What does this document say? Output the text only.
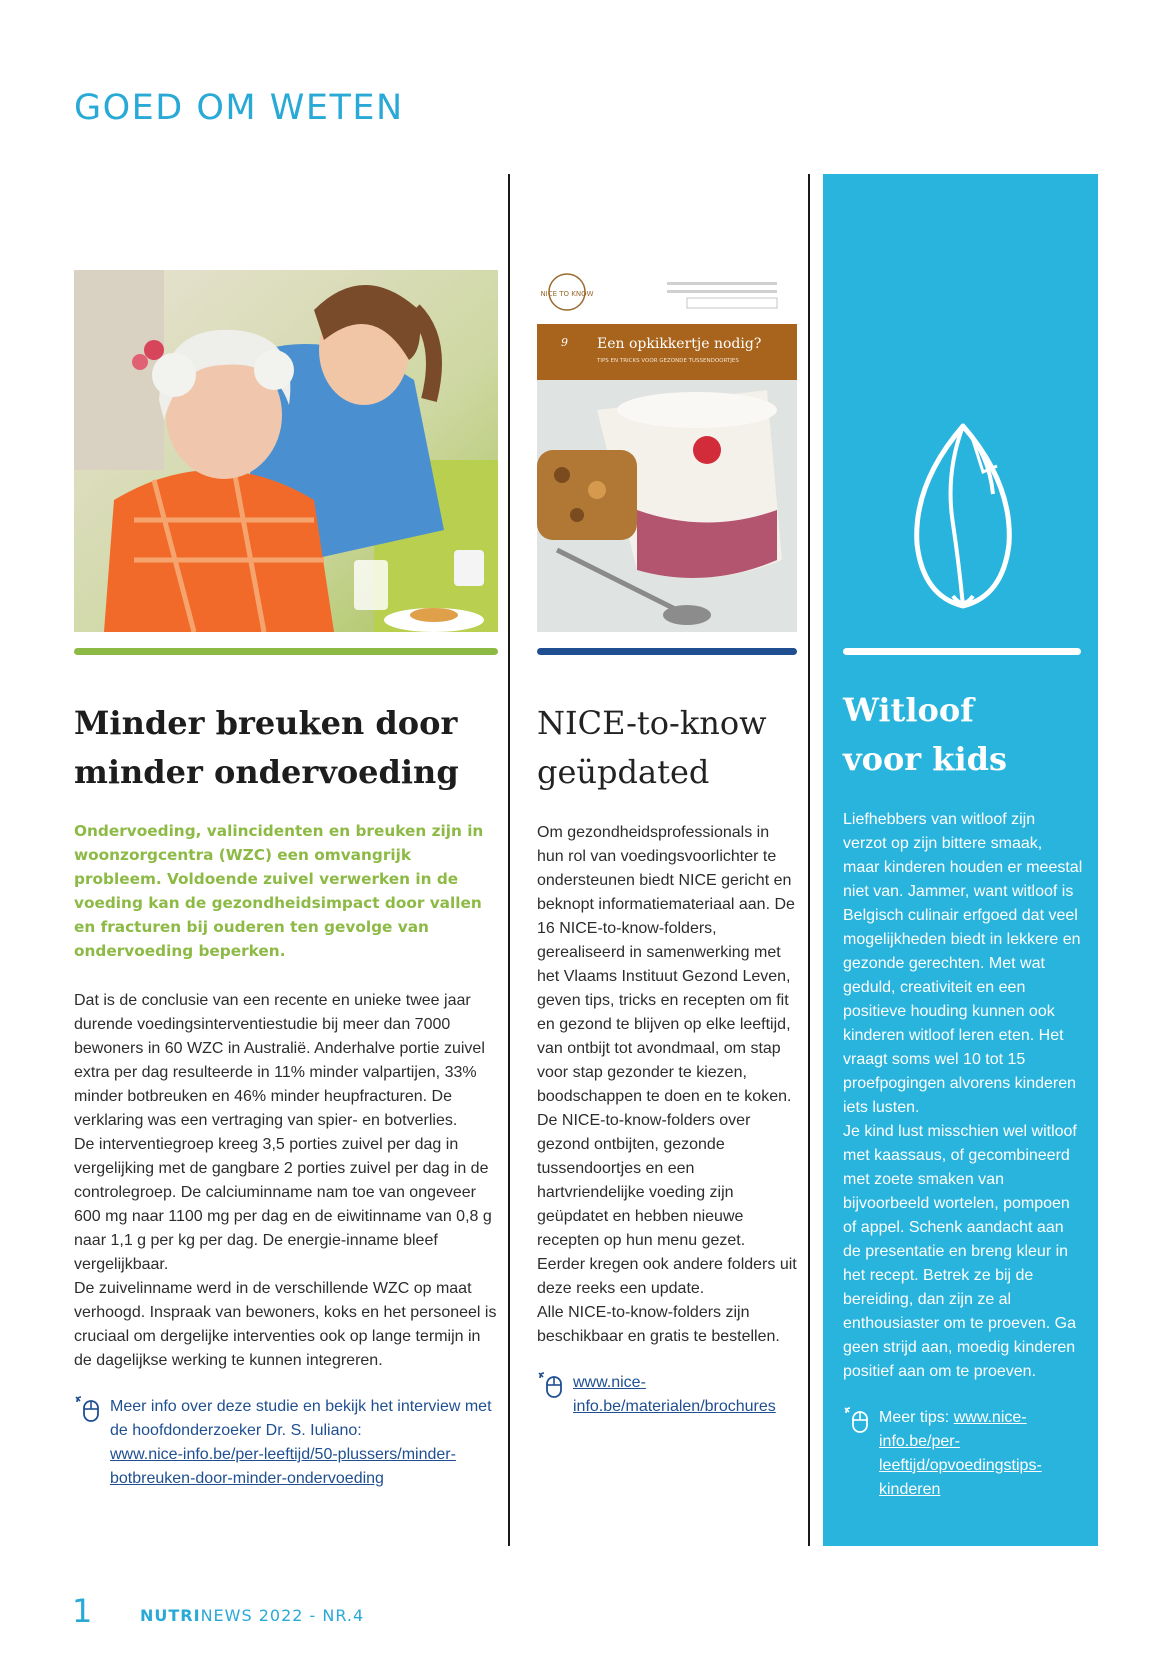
GOED OM WETEN
Minder breuken door minder ondervoeding

Ondervoeding, valincidenten en breuken zijn in woonzorgcentra (WZC) een omvangrijk probleem. Voldoende zuivel verwerken in de voeding kan de gezondheidsimpact door vallen en fracturen bij ouderen ten gevolge van ondervoeding beperken.

Dat is de conclusie van een recente en unieke twee jaar durende voedingsinterventiestudie bij meer dan 7000 bewoners in 60 WZC in Australië. Anderhalve portie zuivel extra per dag resulteerde in 11% minder valpartijen, 33% minder botbreuken en 46% minder heupfracturen. De verklaring was een vertraging van spier- en botverlies.
De interventiegroep kreeg 3,5 porties zuivel per dag in vergelijking met de gangbare 2 porties zuivel per dag in de controlegroep. De calciuminname nam toe van ongeveer 600 mg naar 1100 mg per dag en de eiwitinname van 0,8 g naar 1,1 g per kg per dag. De energie-inname bleef vergelijkbaar.
De zuivelinname werd in de verschillende WZC op maat verhoogd. Inspraak van bewoners, koks en het personeel is cruciaal om dergelijke interventies ook op lange termijn in de dagelijkse werking te kunnen integreren.

Meer info over deze studie en bekijk het interview met de hoofdonderzoeker Dr. S. Iuliano:
www.nice-info.be/per-leeftijd/50-plussers/minder-botbreuken-door-minder-ondervoeding
NICE TO KNOW
9 Een opkikkertje nodig?
TIPS EN TRICKS VOOR GEZONDE TUSSENDOORTJES
NICE-to-know
geüpdated

Om gezondheidsprofessionals in hun rol van voedingsvoorlichter te ondersteunen biedt NICE gericht en beknopt informatiemateriaal aan. De 16 NICE-to-know-folders, gerealiseerd in samenwerking met het Vlaams Instituut Gezond Leven, geven tips, tricks en recepten om fit en gezond te blijven op elke leeftijd, van ontbijt tot avondmaal, om stap voor stap gezonder te kiezen, boodschappen te doen en te koken.
De NICE-to-know-folders over gezond ontbijten, gezonde tussendoortjes en een hartvriendelijke voeding zijn geüpdatet en hebben nieuwe recepten op hun menu gezet. Eerder kregen ook andere folders uit deze reeks een update.
Alle NICE-to-know-folders zijn beschikbaar en gratis te bestellen.

www.nice-info.be/materialen/brochures
Witloof
voor kids

Liefhebbers van witloof zijn verzot op zijn bittere smaak, maar kinderen houden er meestal niet van. Jammer, want witloof is Belgisch culinair erfgoed dat veel mogelijkheden biedt in lekkere en gezonde gerechten. Met wat geduld, creativiteit en een positieve houding kunnen ook kinderen witloof leren eten. Het vraagt soms wel 10 tot 15 proefpogingen alvorens kinderen iets lusten.
Je kind lust misschien wel witloof met kaassaus, of gecombineerd met zoete smaken van bijvoorbeeld wortelen, pompoen of appel. Schenk aandacht aan de presentatie en breng kleur in het recept. Betrek ze bij de bereiding, dan zijn ze al enthousiaster om te proeven. Ga geen strijd aan, moedig kinderen positief aan om te proeven.

Meer tips: www.nice-info.be/per-leeftijd/opvoedingstips-kinderen

1	NUTRINEWS 2022 - NR.4
